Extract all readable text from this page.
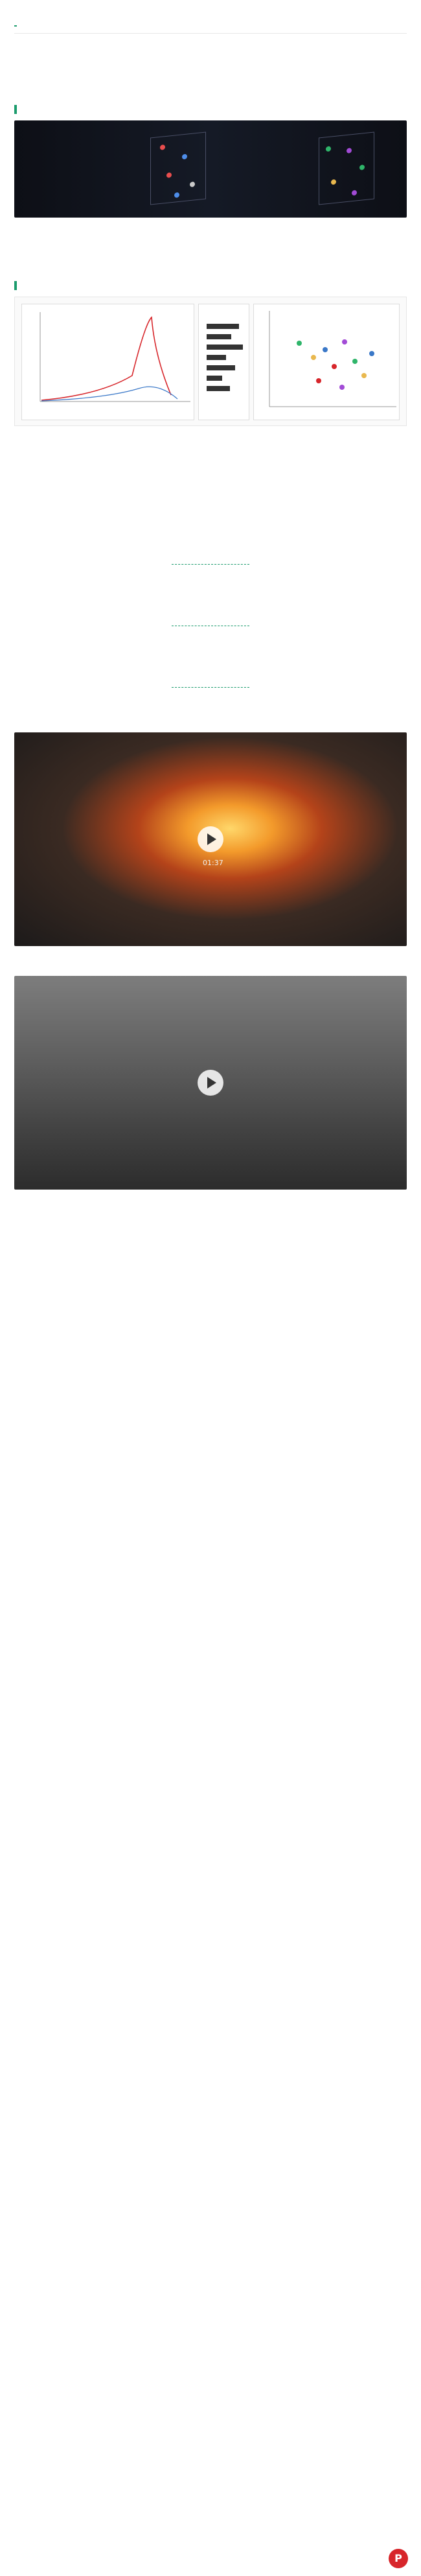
01:37

P
